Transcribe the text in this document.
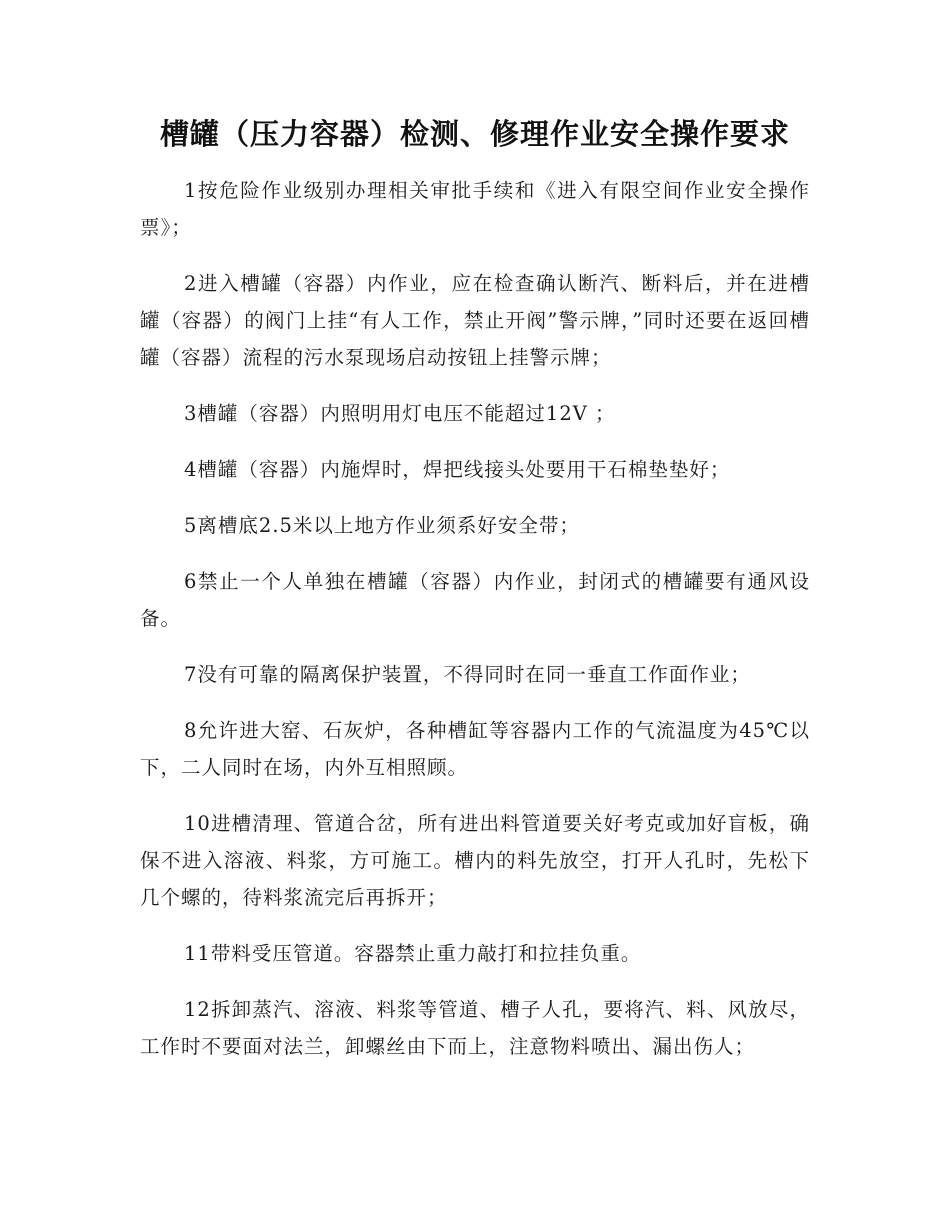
槽罐（压力容器）检测、修理作业安全操作要求

1按危险作业级别办理相关审批手续和《进入有限空间作业安全操作票》；

2进入槽罐（容器）内作业，应在检查确认断汽、断料后，并在进槽罐（容器）的阀门上挂“有人工作，禁止开阀”警示牌，”同时还要在返回槽罐（容器）流程的污水泵现场启动按钮上挂警示牌；

3槽罐（容器）内照明用灯电压不能超过12V ；

4槽罐（容器）内施焊时，焊把线接头处要用干石棉垫垫好；

5离槽底2.5米以上地方作业须系好安全带；

6禁止一个人单独在槽罐（容器）内作业，封闭式的槽罐要有通风设备。

7没有可靠的隔离保护装置，不得同时在同一垂直工作面作业；

8允许进大窑、石灰炉，各种槽缸等容器内工作的气流温度为45℃以下，二人同时在场，内外互相照顾。

10进槽清理、管道合岔，所有进出料管道要关好考克或加好盲板，确保不进入溶液、料浆，方可施工。槽内的料先放空，打开人孔时，先松下几个螺的，待料浆流完后再拆开；

11带料受压管道。容器禁止重力敲打和拉挂负重。

12拆卸蒸汽、溶液、料浆等管道、槽子人孔，要将汽、料、风放尽，工作时不要面对法兰，卸螺丝由下而上，注意物料喷出、漏出伤人；
